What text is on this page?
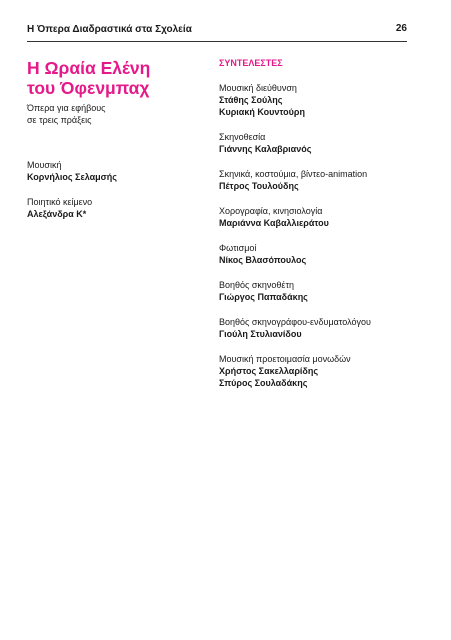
Η Όπερα Διαδραστικά στα Σχολεία	26
Η Ωραία Ελένη
του Όφενμπαχ
Όπερα για εφήβους
σε τρεις πράξεις
Μουσική
Κορνήλιος Σελαμσής
Ποιητικό κείμενο
Αλεξάνδρα Κ*
ΣΥΝΤΕΛΕΣΤΕΣ
Μουσική διεύθυνση
Στάθης Σούλης
Κυριακή Κουντούρη
Σκηνοθεσία
Γιάννης Καλαβριανός
Σκηνικά, κοστούμια, βίντεο-animation
Πέτρος Τουλούδης
Χορογραφία, κινησιολογία
Μαριάννα Καβαλλιεράτου
Φωτισμοί
Νίκος Βλασόπουλος
Βοηθός σκηνοθέτη
Γιώργος Παπαδάκης
Βοηθός σκηνογράφου-ενδυματολόγου
Γιούλη Στυλιανίδου
Μουσική προετοιμασία μονωδών
Χρήστος Σακελλαρίδης
Σπύρος Σουλαδάκης
